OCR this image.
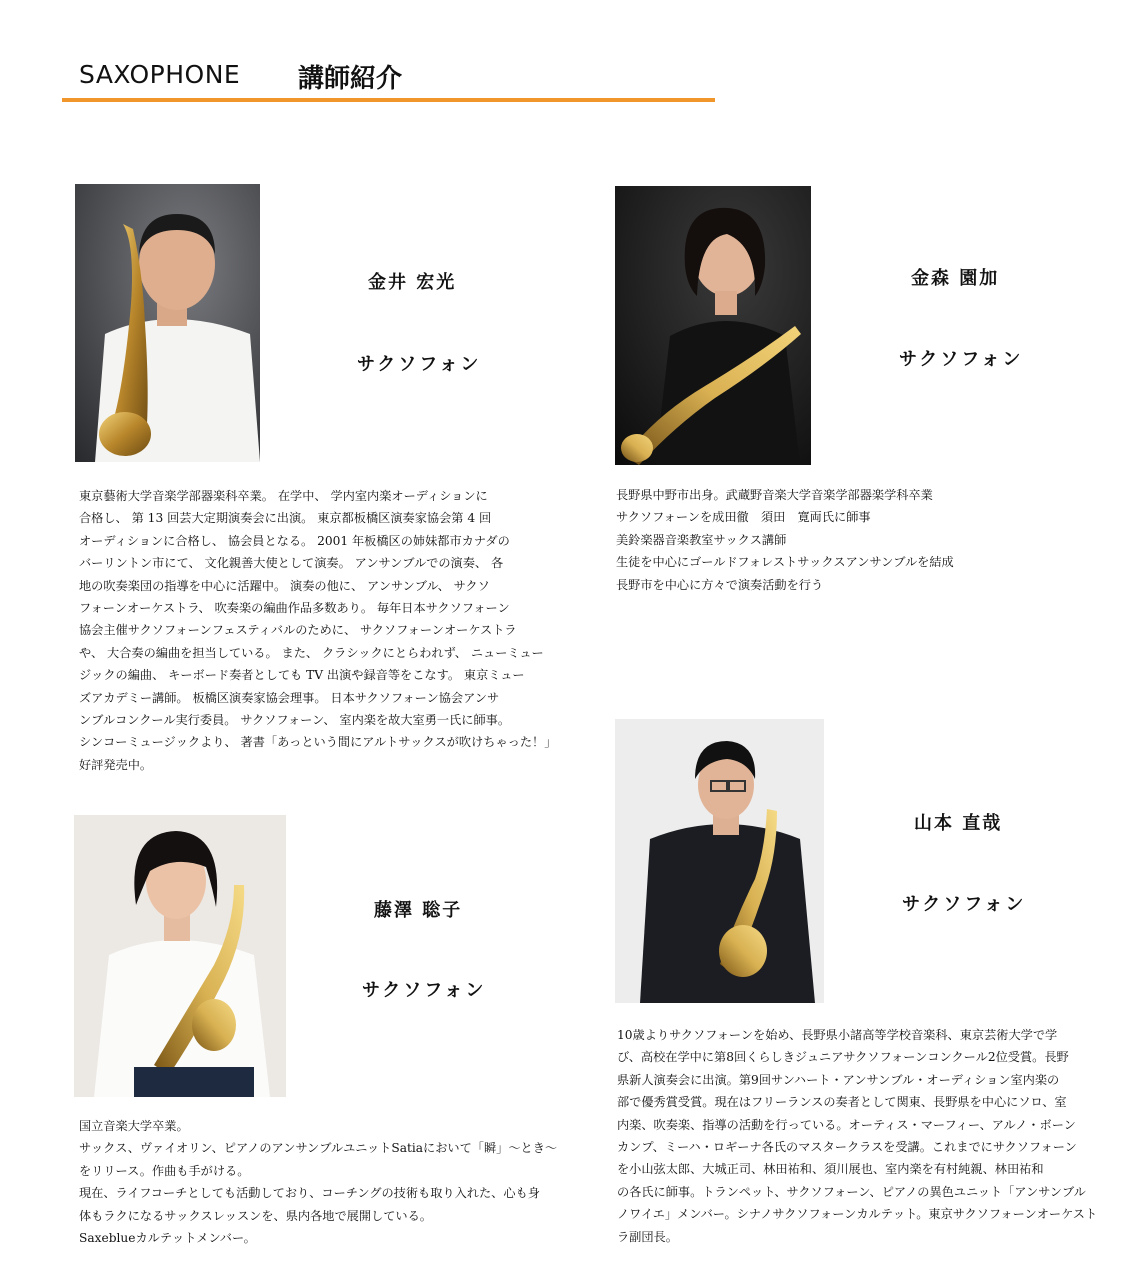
SAXOPHONE 講師紹介
金井 宏光
サクソフォン
東京藝術大学音楽学部器楽科卒業。 在学中、 学内室内楽オーディションに
合格し、 第 13 回芸大定期演奏会に出演。 東京都板橋区演奏家協会第 4 回
オーディションに合格し、 協会員となる。 2001 年板橋区の姉妹都市カナダの
バーリントン市にて、 文化親善大使として演奏。 アンサンブルでの演奏、 各
地の吹奏楽団の指導を中心に活躍中。 演奏の他に、 アンサンブル、 サクソ
フォーンオーケストラ、 吹奏楽の編曲作品多数あり。 毎年日本サクソフォーン
協会主催サクソフォーンフェスティバルのために、 サクソフォーンオーケストラ
や、 大合奏の編曲を担当している。 また、 クラシックにとらわれず、 ニューミュー
ジックの編曲、 キーボード奏者としても TV 出演や録音等をこなす。 東京ミュー
ズアカデミー講師。 板橋区演奏家協会理事。 日本サクソフォーン協会アンサ
ンブルコンクール実行委員。 サクソフォーン、 室内楽を故大室勇一氏に師事。
シンコーミュージックより、 著書「あっという間にアルトサックスが吹けちゃった！」
好評発売中。
金森 園加
サクソフォン
長野県中野市出身。武蔵野音楽大学音楽学部器楽学科卒業
サクソフォーンを成田徹　須田　寛両氏に師事
美鈴楽器音楽教室サックス講師
生徒を中心にゴールドフォレストサックスアンサンブルを結成
長野市を中心に方々で演奏活動を行う
藤澤 聡子
サクソフォン
国立音楽大学卒業。
サックス、ヴァイオリン、ピアノのアンサンブルユニットSatiaにおいて「瞬」～とき～
をリリース。作曲も手がける。
現在、ライフコーチとしても活動しており、コーチングの技術も取り入れた、心も身
体もラクになるサックスレッスンを、県内各地で展開している。
Saxeblueカルテットメンバー。
山本 直哉
サクソフォン
10歳よりサクソフォーンを始め、長野県小諸高等学校音楽科、東京芸術大学で学
び、高校在学中に第8回くらしきジュニアサクソフォーンコンクール2位受賞。長野
県新人演奏会に出演。第9回サンハート・アンサンブル・オーディション室内楽の
部で優秀賞受賞。現在はフリーランスの奏者として関東、長野県を中心にソロ、室
内楽、吹奏楽、指導の活動を行っている。オーティス・マーフィー、アルノ・ボーン
カンプ、ミーハ・ロギーナ各氏のマスタークラスを受講。これまでにサクソフォーン
を小山弦太郎、大城正司、林田祐和、須川展也、室内楽を有村純親、林田祐和
の各氏に師事。トランペット、サクソフォーン、ピアノの異色ユニット「アンサンブル
ノワイエ」メンバー。シナノサクソフォーンカルテット。東京サクソフォーンオーケスト
ラ副団長。
